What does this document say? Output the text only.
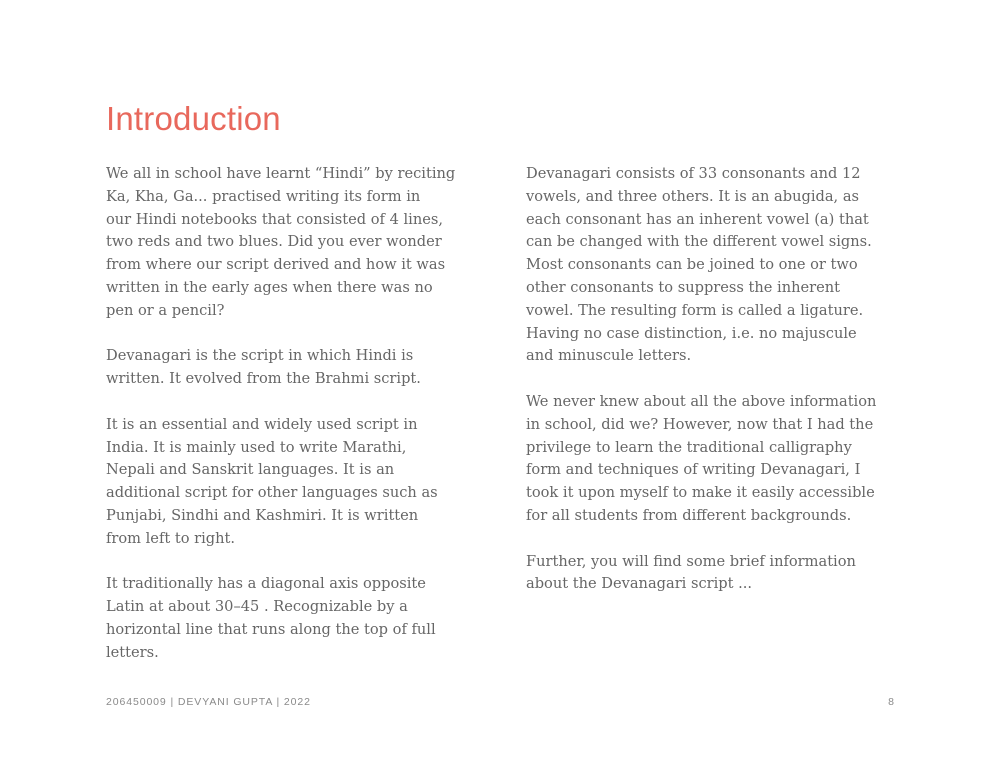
Introduction

We all in school have learnt “Hindi” by reciting
Ka, Kha, Ga... practised writing its form in
our Hindi notebooks that consisted of 4 lines,
two reds and two blues. Did you ever wonder
from where our script derived and how it was
written in the early ages when there was no
pen or a pencil?

Devanagari is the script in which Hindi is
written. It evolved from the Brahmi script.

It is an essential and widely used script in
India. It is mainly used to write Marathi,
Nepali and Sanskrit languages. It is an
additional script for other languages such as
Punjabi, Sindhi and Kashmiri. It is written
from left to right.

It traditionally has a diagonal axis opposite
Latin at about 30–45 . Recognizable by a
horizontal line that runs along the top of full
letters.

Devanagari consists of 33 consonants and 12
vowels, and three others. It is an abugida, as
each consonant has an inherent vowel (a) that
can be changed with the different vowel signs.
Most consonants can be joined to one or two
other consonants to suppress the inherent
vowel. The resulting form is called a ligature.
Having no case distinction, i.e. no majuscule
and minuscule letters.

We never knew about all the above information
in school, did we? However, now that I had the
privilege to learn the traditional calligraphy
form and techniques of writing Devanagari, I
took it upon myself to make it easily accessible
for all students from different backgrounds.

Further, you will find some brief information
about the Devanagari script ...

206450009 | DEVYANI GUPTA | 2022	8
